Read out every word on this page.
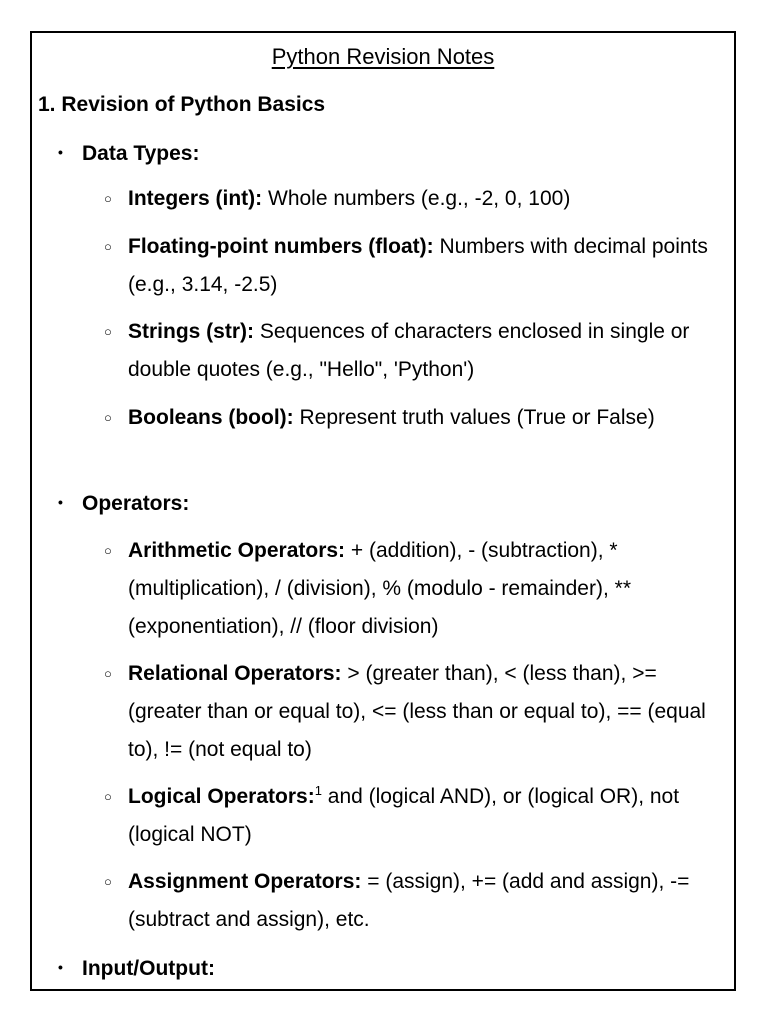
Python Revision Notes
1. Revision of Python Basics
• Data Types:
○ Integers (int): Whole numbers (e.g., -2, 0, 100)
○ Floating-point numbers (float): Numbers with decimal points (e.g., 3.14, -2.5)
○ Strings (str): Sequences of characters enclosed in single or double quotes (e.g., "Hello", 'Python')
○ Booleans (bool): Represent truth values (True or False)
• Operators:
○ Arithmetic Operators: + (addition), - (subtraction), * (multiplication), / (division), % (modulo - remainder), ** (exponentiation), // (floor division)
○ Relational Operators: > (greater than), < (less than), >= (greater than or equal to), <= (less than or equal to), == (equal to), != (not equal to)
○ Logical Operators:$^1$ and (logical AND), or (logical OR), not (logical NOT)
○ Assignment Operators: = (assign), += (add and assign), -= (subtract and assign), etc.
• Input/Output:
